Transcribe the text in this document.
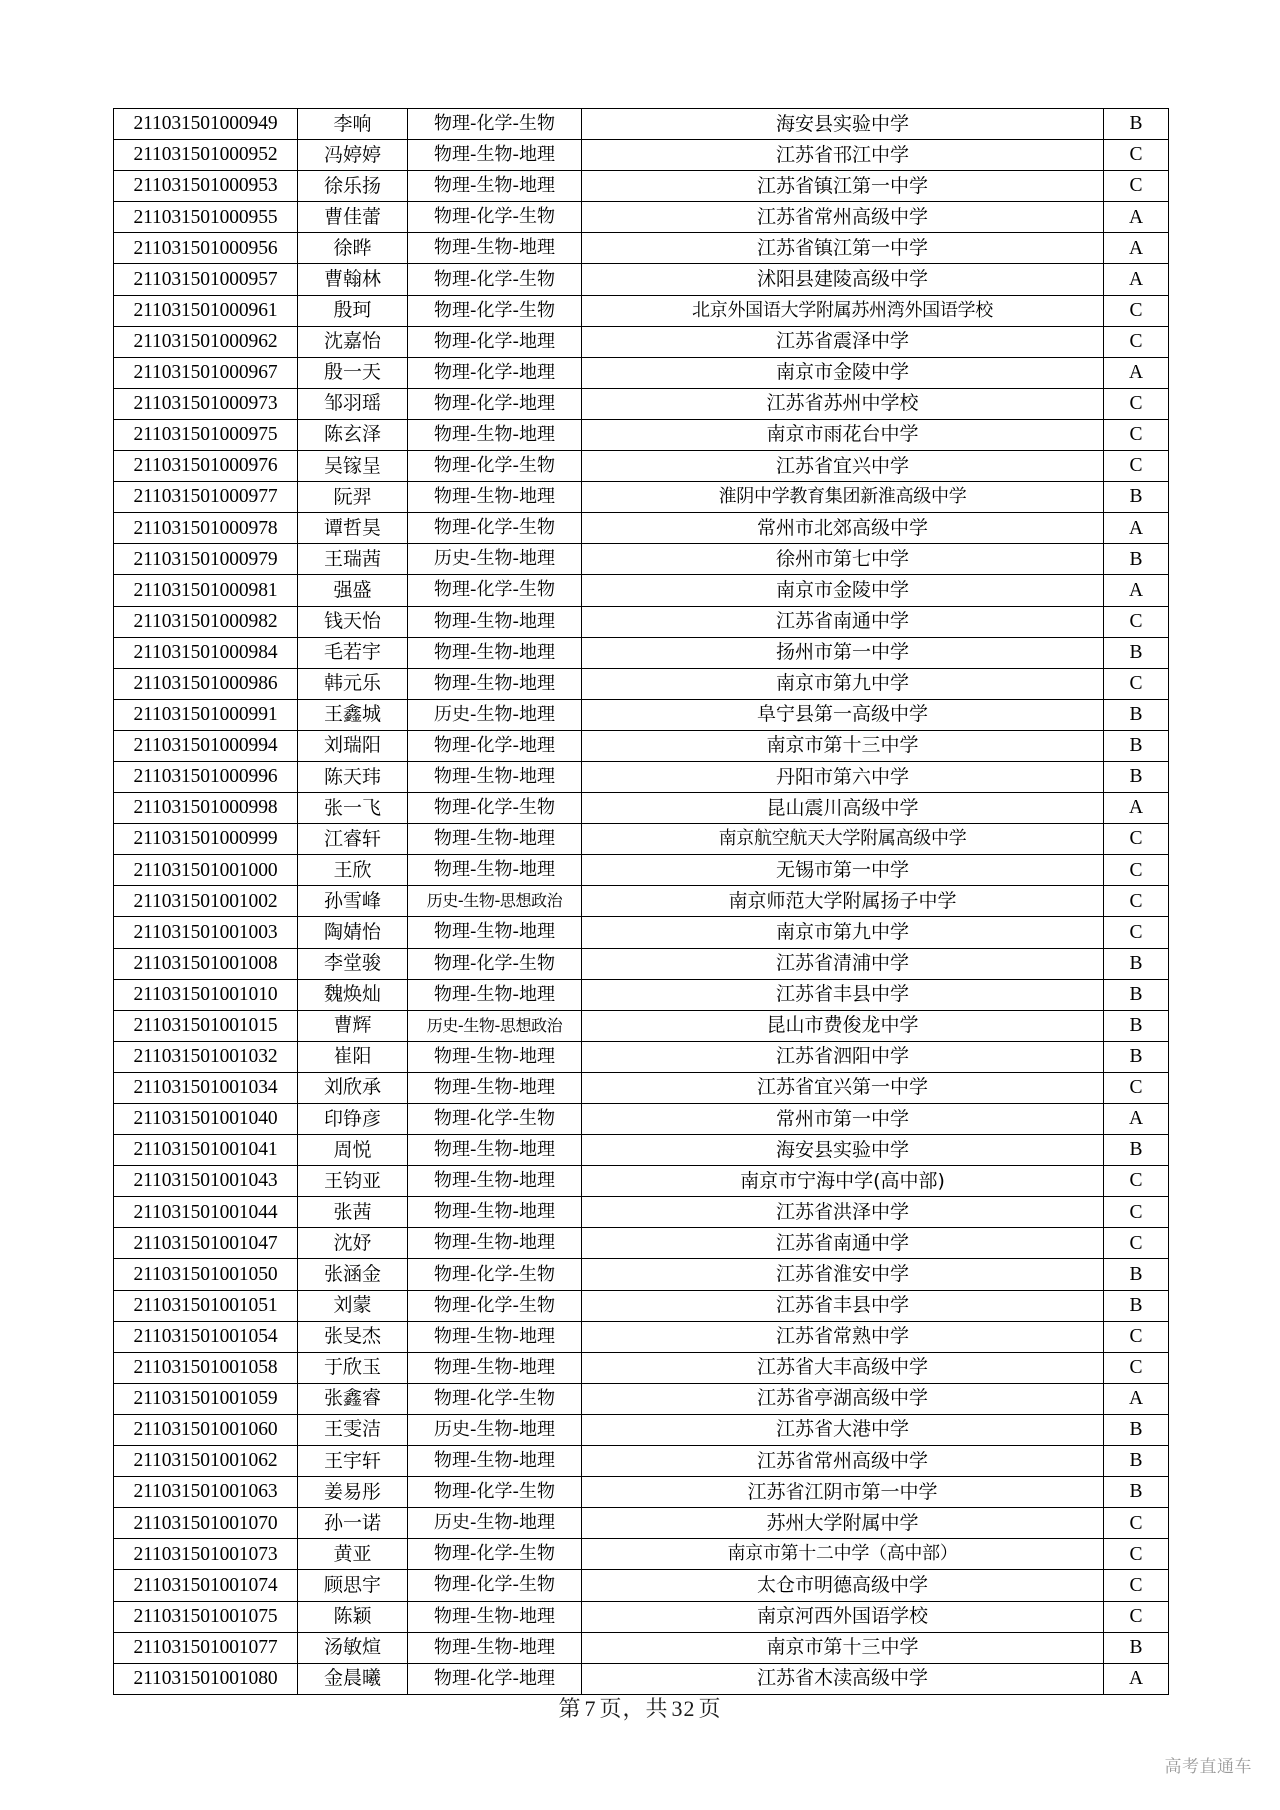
211031501000949	李响	物理-化学-生物	海安县实验中学	B
211031501000952	冯婷婷	物理-生物-地理	江苏省邗江中学	C
211031501000953	徐乐扬	物理-生物-地理	江苏省镇江第一中学	C
211031501000955	曹佳蕾	物理-化学-生物	江苏省常州高级中学	A
211031501000956	徐晔	物理-生物-地理	江苏省镇江第一中学	A
211031501000957	曹翰林	物理-化学-生物	沭阳县建陵高级中学	A
211031501000961	殷珂	物理-化学-生物	北京外国语大学附属苏州湾外国语学校	C
211031501000962	沈嘉怡	物理-化学-地理	江苏省震泽中学	C
211031501000967	殷一天	物理-化学-地理	南京市金陵中学	A
211031501000973	邹羽瑶	物理-化学-地理	江苏省苏州中学校	C
211031501000975	陈玄泽	物理-生物-地理	南京市雨花台中学	C
211031501000976	吴镓呈	物理-化学-生物	江苏省宜兴中学	C
211031501000977	阮羿	物理-生物-地理	淮阴中学教育集团新淮高级中学	B
211031501000978	谭哲昊	物理-化学-生物	常州市北郊高级中学	A
211031501000979	王瑞茜	历史-生物-地理	徐州市第七中学	B
211031501000981	强盛	物理-化学-生物	南京市金陵中学	A
211031501000982	钱天怡	物理-生物-地理	江苏省南通中学	C
211031501000984	毛若宇	物理-生物-地理	扬州市第一中学	B
211031501000986	韩元乐	物理-生物-地理	南京市第九中学	C
211031501000991	王鑫城	历史-生物-地理	阜宁县第一高级中学	B
211031501000994	刘瑞阳	物理-化学-地理	南京市第十三中学	B
211031501000996	陈天玮	物理-生物-地理	丹阳市第六中学	B
211031501000998	张一飞	物理-化学-生物	昆山震川高级中学	A
211031501000999	江睿轩	物理-生物-地理	南京航空航天大学附属高级中学	C
211031501001000	王欣	物理-生物-地理	无锡市第一中学	C
211031501001002	孙雪峰	历史-生物-思想政治	南京师范大学附属扬子中学	C
211031501001003	陶婧怡	物理-生物-地理	南京市第九中学	C
211031501001008	李堂骏	物理-化学-生物	江苏省清浦中学	B
211031501001010	魏焕灿	物理-生物-地理	江苏省丰县中学	B
211031501001015	曹辉	历史-生物-思想政治	昆山市费俊龙中学	B
211031501001032	崔阳	物理-生物-地理	江苏省泗阳中学	B
211031501001034	刘欣承	物理-生物-地理	江苏省宜兴第一中学	C
211031501001040	印铮彦	物理-化学-生物	常州市第一中学	A
211031501001041	周悦	物理-生物-地理	海安县实验中学	B
211031501001043	王钧亚	物理-生物-地理	南京市宁海中学(高中部)	C
211031501001044	张茜	物理-生物-地理	江苏省洪泽中学	C
211031501001047	沈妤	物理-生物-地理	江苏省南通中学	C
211031501001050	张涵金	物理-化学-生物	江苏省淮安中学	B
211031501001051	刘蒙	物理-化学-生物	江苏省丰县中学	B
211031501001054	张旻杰	物理-生物-地理	江苏省常熟中学	C
211031501001058	于欣玉	物理-生物-地理	江苏省大丰高级中学	C
211031501001059	张鑫睿	物理-化学-生物	江苏省亭湖高级中学	A
211031501001060	王雯洁	历史-生物-地理	江苏省大港中学	B
211031501001062	王宇轩	物理-生物-地理	江苏省常州高级中学	B
211031501001063	姜易彤	物理-化学-生物	江苏省江阴市第一中学	B
211031501001070	孙一诺	历史-生物-地理	苏州大学附属中学	C
211031501001073	黄亚	物理-化学-生物	南京市第十二中学（高中部）	C
211031501001074	顾思宇	物理-化学-生物	太仓市明德高级中学	C
211031501001075	陈颖	物理-生物-地理	南京河西外国语学校	C
211031501001077	汤敏煊	物理-生物-地理	南京市第十三中学	B
211031501001080	金晨曦	物理-化学-地理	江苏省木渎高级中学	A
第 7 页，共 32 页
高考直通车
